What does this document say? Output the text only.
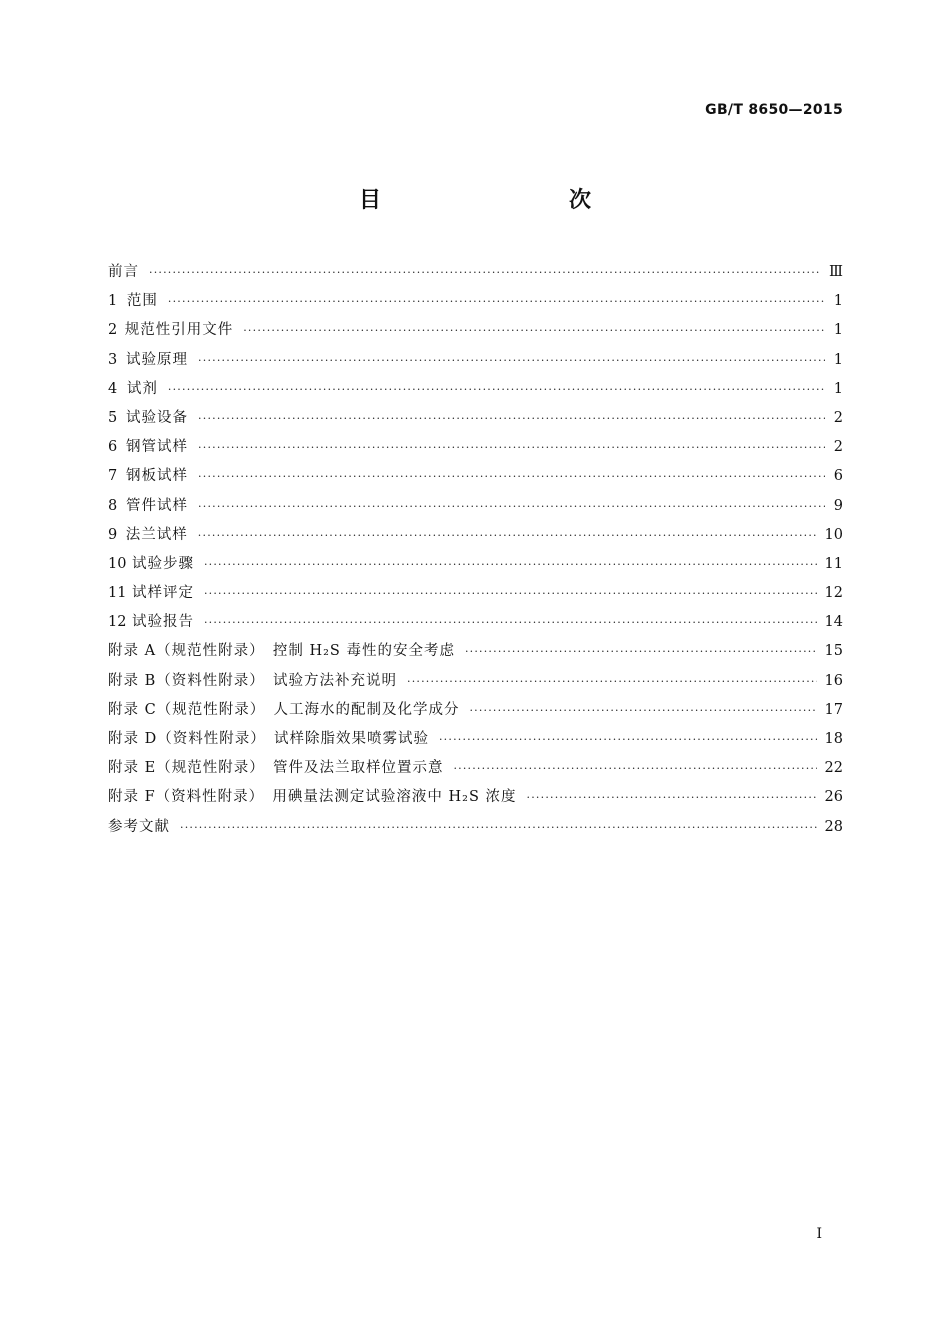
GB/T 8650—2015
目　　次
前言 ·····	Ⅲ
1 范围 ·····	1
2 规范性引用文件 ·····	1
3 试验原理 ·····	1
4 试剂 ·····	1
5 试验设备 ·····	2
6 钢管试样 ·····	2
7 钢板试样 ·····	6
8 管件试样 ·····	9
9 法兰试样 ·····	10
10 试验步骤 ·····	11
11 试样评定 ·····	12
12 试验报告 ·····	14
附录 A（规范性附录）　控制 H₂S 毒性的安全考虑 ·····	15
附录 B（资料性附录）　试验方法补充说明 ·····	16
附录 C（规范性附录）　人工海水的配制及化学成分 ·····	17
附录 D（资料性附录）　试样除脂效果喷雾试验 ·····	18
附录 E（规范性附录）　管件及法兰取样位置示意 ·····	22
附录 F（资料性附录）　用碘量法测定试验溶液中 H₂S 浓度 ·····	26
参考文献 ·····	28
Ⅰ
